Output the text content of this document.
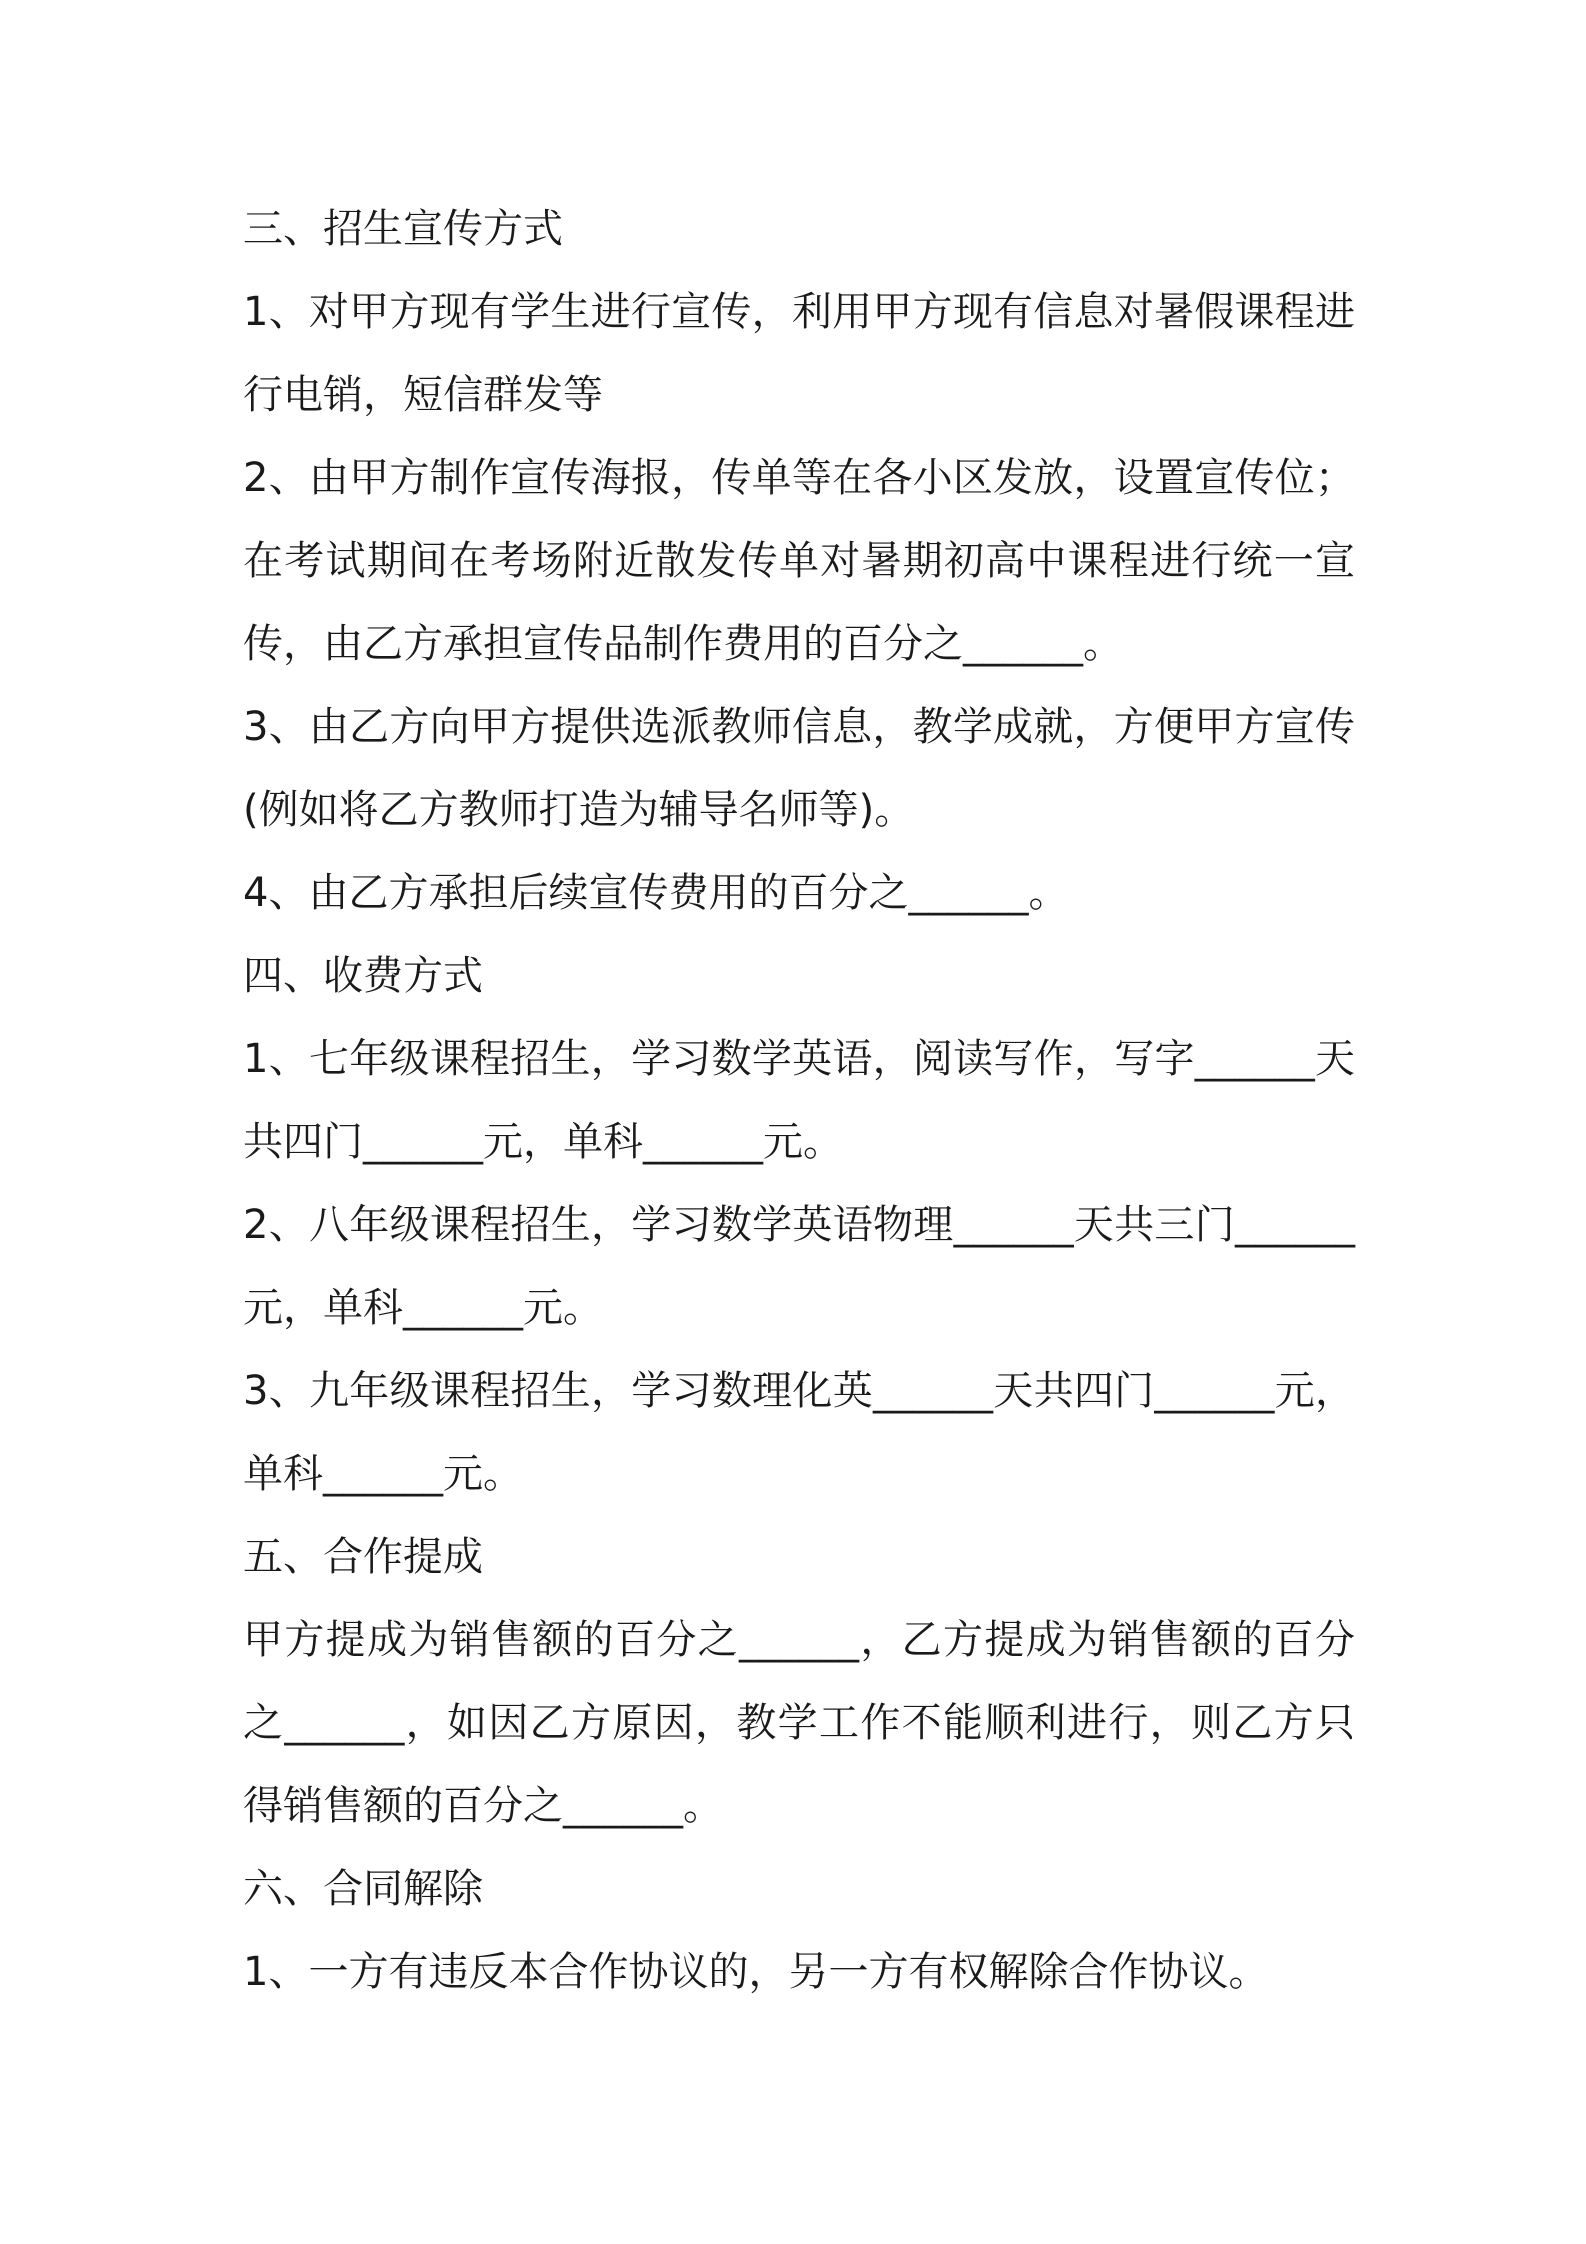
三、招生宣传方式

1、对甲方现有学生进行宣传，利用甲方现有信息对暑假课程进行电销，短信群发等

2、由甲方制作宣传海报，传单等在各小区发放，设置宣传位；在考试期间在考场附近散发传单对暑期初高中课程进行统一宣传，由乙方承担宣传品制作费用的百分之______。

3、由乙方向甲方提供选派教师信息，教学成就，方便甲方宣传(例如将乙方教师打造为辅导名师等)。

4、由乙方承担后续宣传费用的百分之______。

四、收费方式

1、七年级课程招生，学习数学英语，阅读写作，写字______天共四门______元，单科______元。

2、八年级课程招生，学习数学英语物理______天共三门______元，单科______元。

3、九年级课程招生，学习数理化英______天共四门______元，单科______元。

五、合作提成

甲方提成为销售额的百分之______，乙方提成为销售额的百分之______，如因乙方原因，教学工作不能顺利进行，则乙方只得销售额的百分之______。

六、合同解除

1、一方有违反本合作协议的，另一方有权解除合作协议。
